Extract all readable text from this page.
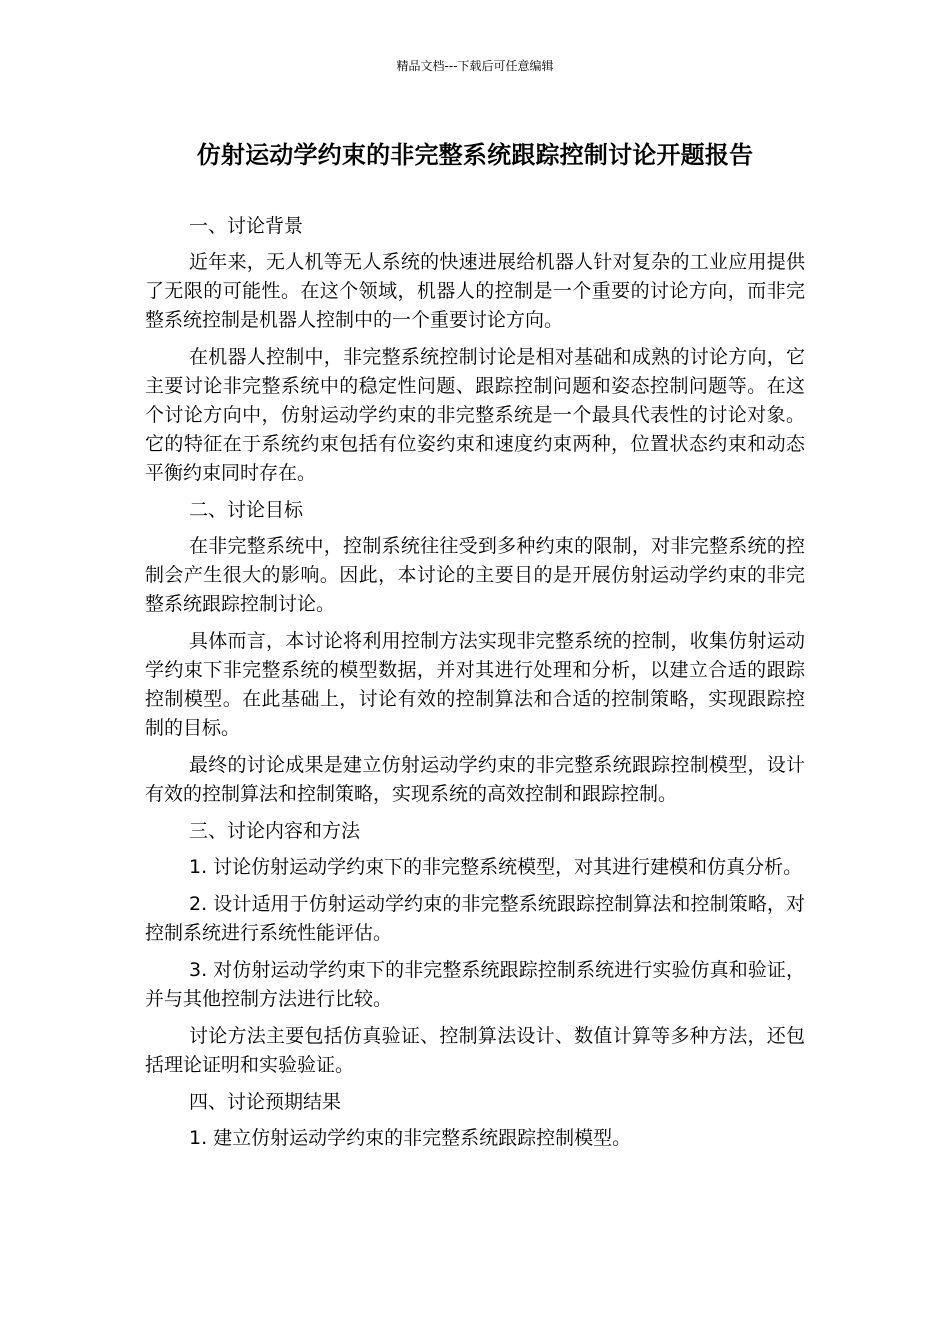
精品文档---下载后可任意编辑
仿射运动学约束的非完整系统跟踪控制讨论开题报告

一、讨论背景

近年来，无人机等无人系统的快速进展给机器人针对复杂的工业应用提供了无限的可能性。在这个领域，机器人的控制是一个重要的讨论方向，而非完整系统控制是机器人控制中的一个重要讨论方向。

在机器人控制中，非完整系统控制讨论是相对基础和成熟的讨论方向，它主要讨论非完整系统中的稳定性问题、跟踪控制问题和姿态控制问题等。在这个讨论方向中，仿射运动学约束的非完整系统是一个最具代表性的讨论对象。它的特征在于系统约束包括有位姿约束和速度约束两种，位置状态约束和动态平衡约束同时存在。

二、讨论目标

在非完整系统中，控制系统往往受到多种约束的限制，对非完整系统的控制会产生很大的影响。因此，本讨论的主要目的是开展仿射运动学约束的非完整系统跟踪控制讨论。

具体而言，本讨论将利用控制方法实现非完整系统的控制，收集仿射运动学约束下非完整系统的模型数据，并对其进行处理和分析，以建立合适的跟踪控制模型。在此基础上，讨论有效的控制算法和合适的控制策略，实现跟踪控制的目标。

最终的讨论成果是建立仿射运动学约束的非完整系统跟踪控制模型，设计有效的控制算法和控制策略，实现系统的高效控制和跟踪控制。

三、讨论内容和方法

1. 讨论仿射运动学约束下的非完整系统模型，对其进行建模和仿真分析。

2. 设计适用于仿射运动学约束的非完整系统跟踪控制算法和控制策略，对控制系统进行系统性能评估。

3. 对仿射运动学约束下的非完整系统跟踪控制系统进行实验仿真和验证，并与其他控制方法进行比较。

讨论方法主要包括仿真验证、控制算法设计、数值计算等多种方法，还包括理论证明和实验验证。

四、讨论预期结果

1. 建立仿射运动学约束的非完整系统跟踪控制模型。
